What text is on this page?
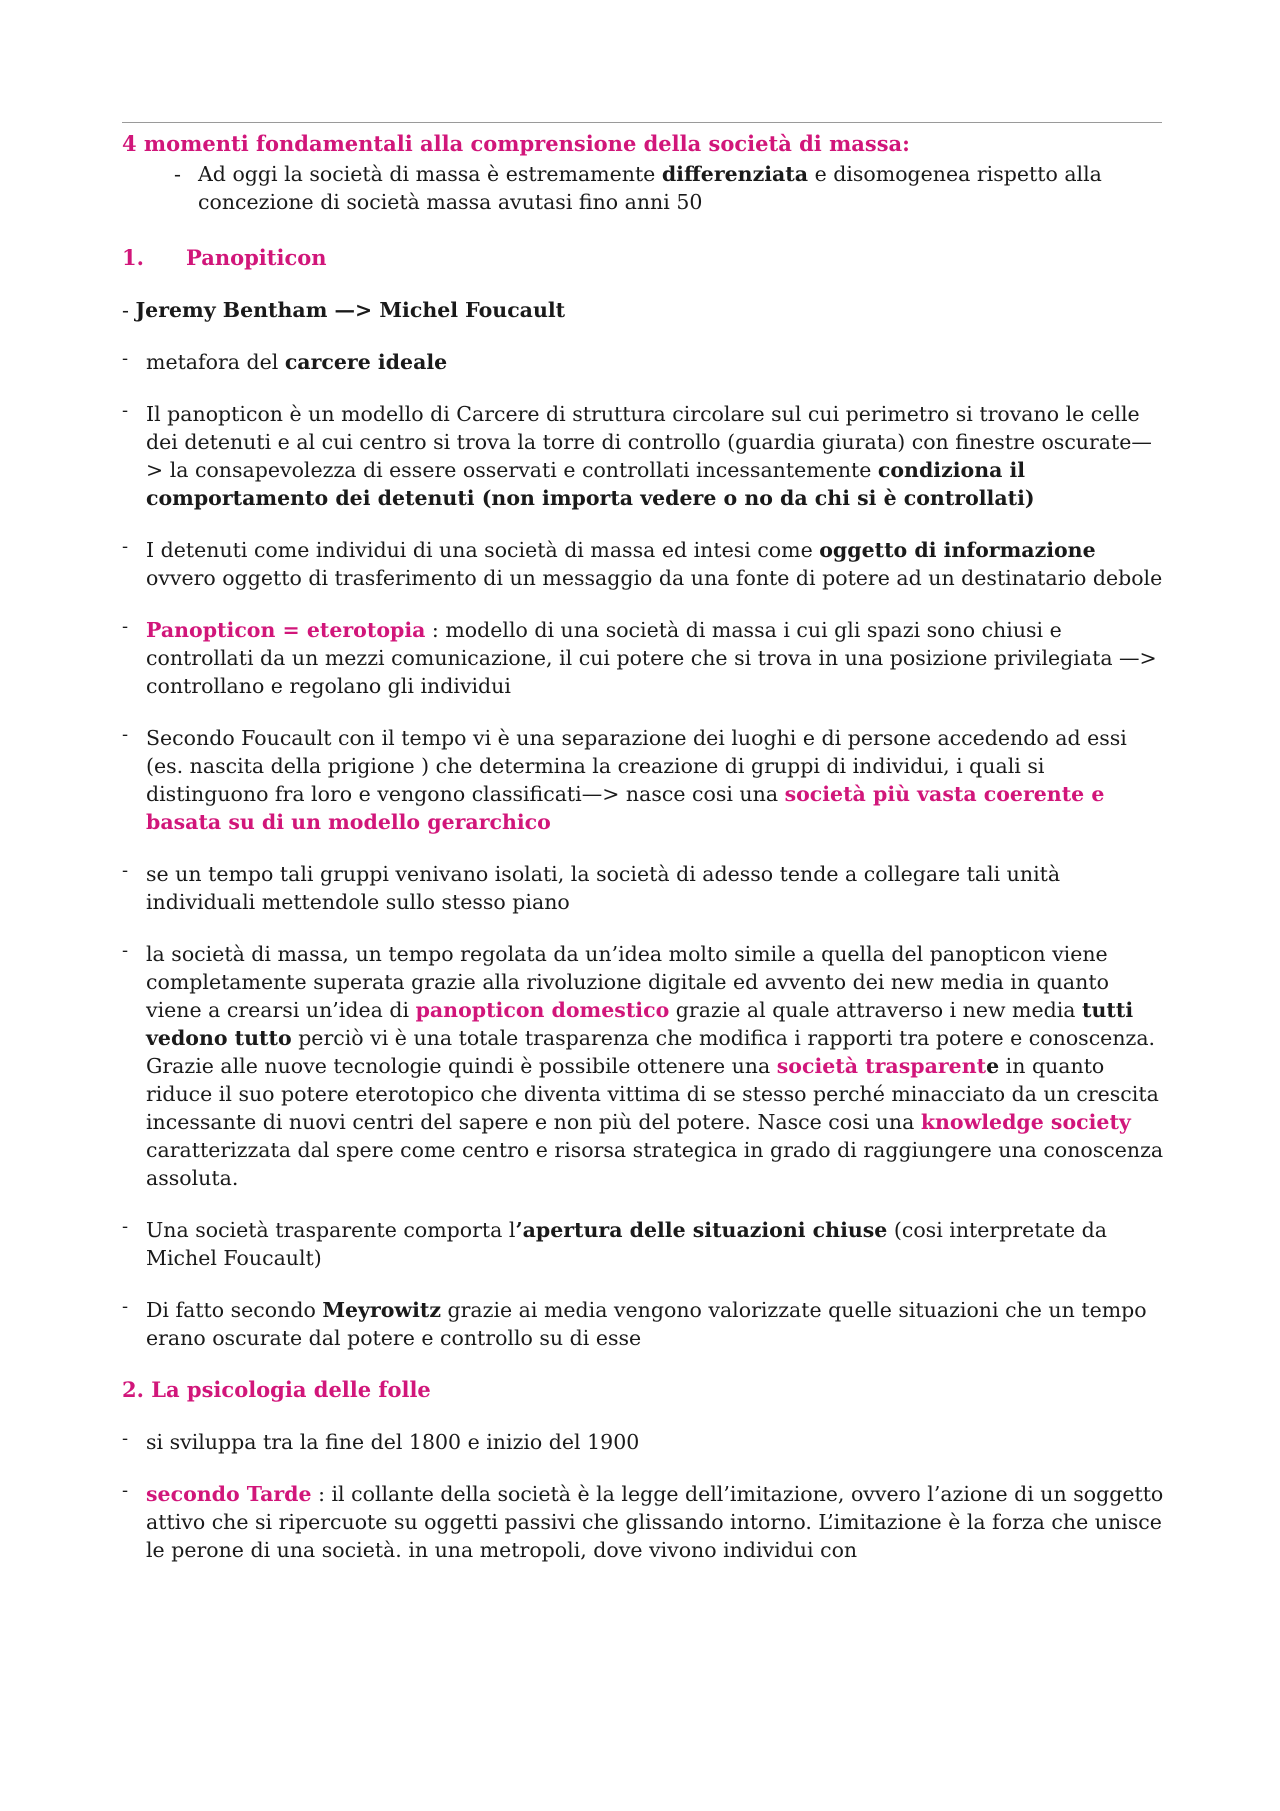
4 momenti fondamentali alla comprensione della società di massa:
- Ad oggi la società di massa è estremamente differenziata e disomogenea rispetto alla concezione di società massa avutasi fino anni 50
1.	Panopiticon
- Jeremy Bentham —> Michel Foucault
- metafora del carcere ideale
- Il panopticon è un modello di Carcere di struttura circolare sul cui perimetro si trovano le celle dei detenuti e al cui centro si trova la torre di controllo (guardia giurata) con finestre oscurate—> la consapevolezza di essere osservati e controllati incessantemente condiziona il comportamento dei detenuti (non importa vedere o no da chi si è controllati)
- I detenuti come individui di una società di massa ed intesi come oggetto di informazione ovvero oggetto di trasferimento di un messaggio da una fonte di potere ad un destinatario debole
- Panopticon = eterotopia : modello di una società di massa i cui gli spazi sono chiusi e controllati da un mezzi comunicazione, il cui potere che si trova in una posizione privilegiata —> controllano e regolano gli individui
- Secondo Foucault con il tempo vi è una separazione dei luoghi e di persone accedendo ad essi (es. nascita della prigione ) che determina la creazione di gruppi di individui, i quali si distinguono fra loro e vengono classificati—> nasce cosi una società più vasta coerente e basata su di un modello gerarchico
- se un tempo tali gruppi venivano isolati, la società di adesso tende a collegare tali unità individuali mettendole sullo stesso piano
- la società di massa, un tempo regolata da un’idea molto simile a quella del panopticon viene completamente superata grazie alla rivoluzione digitale ed avvento dei new media in quanto viene a crearsi un’idea di panopticon domestico grazie al quale attraverso i new media tutti vedono tutto perciò vi è una totale trasparenza che modifica i rapporti tra potere e conoscenza. Grazie alle nuove tecnologie quindi è possibile ottenere una società trasparente in quanto riduce il suo potere eterotopico che diventa vittima di se stesso perché minacciato da un crescita incessante di nuovi centri del sapere e non più del potere. Nasce cosi una knowledge society caratterizzata dal spere come centro e risorsa strategica in grado di raggiungere una conoscenza assoluta.
- Una società trasparente comporta l’apertura delle situazioni chiuse (cosi interpretate da Michel Foucault)
- Di fatto secondo Meyrowitz grazie ai media vengono valorizzate quelle situazioni che un tempo erano oscurate dal potere e controllo su di esse
2. La psicologia delle folle
- si sviluppa tra la fine del 1800 e inizio del 1900
- secondo Tarde : il collante della società è la legge dell’imitazione, ovvero l’azione di un soggetto attivo che si ripercuote su oggetti passivi che glissando intorno. L’imitazione è la forza che unisce le perone di una società. in una metropoli, dove vivono individui con
